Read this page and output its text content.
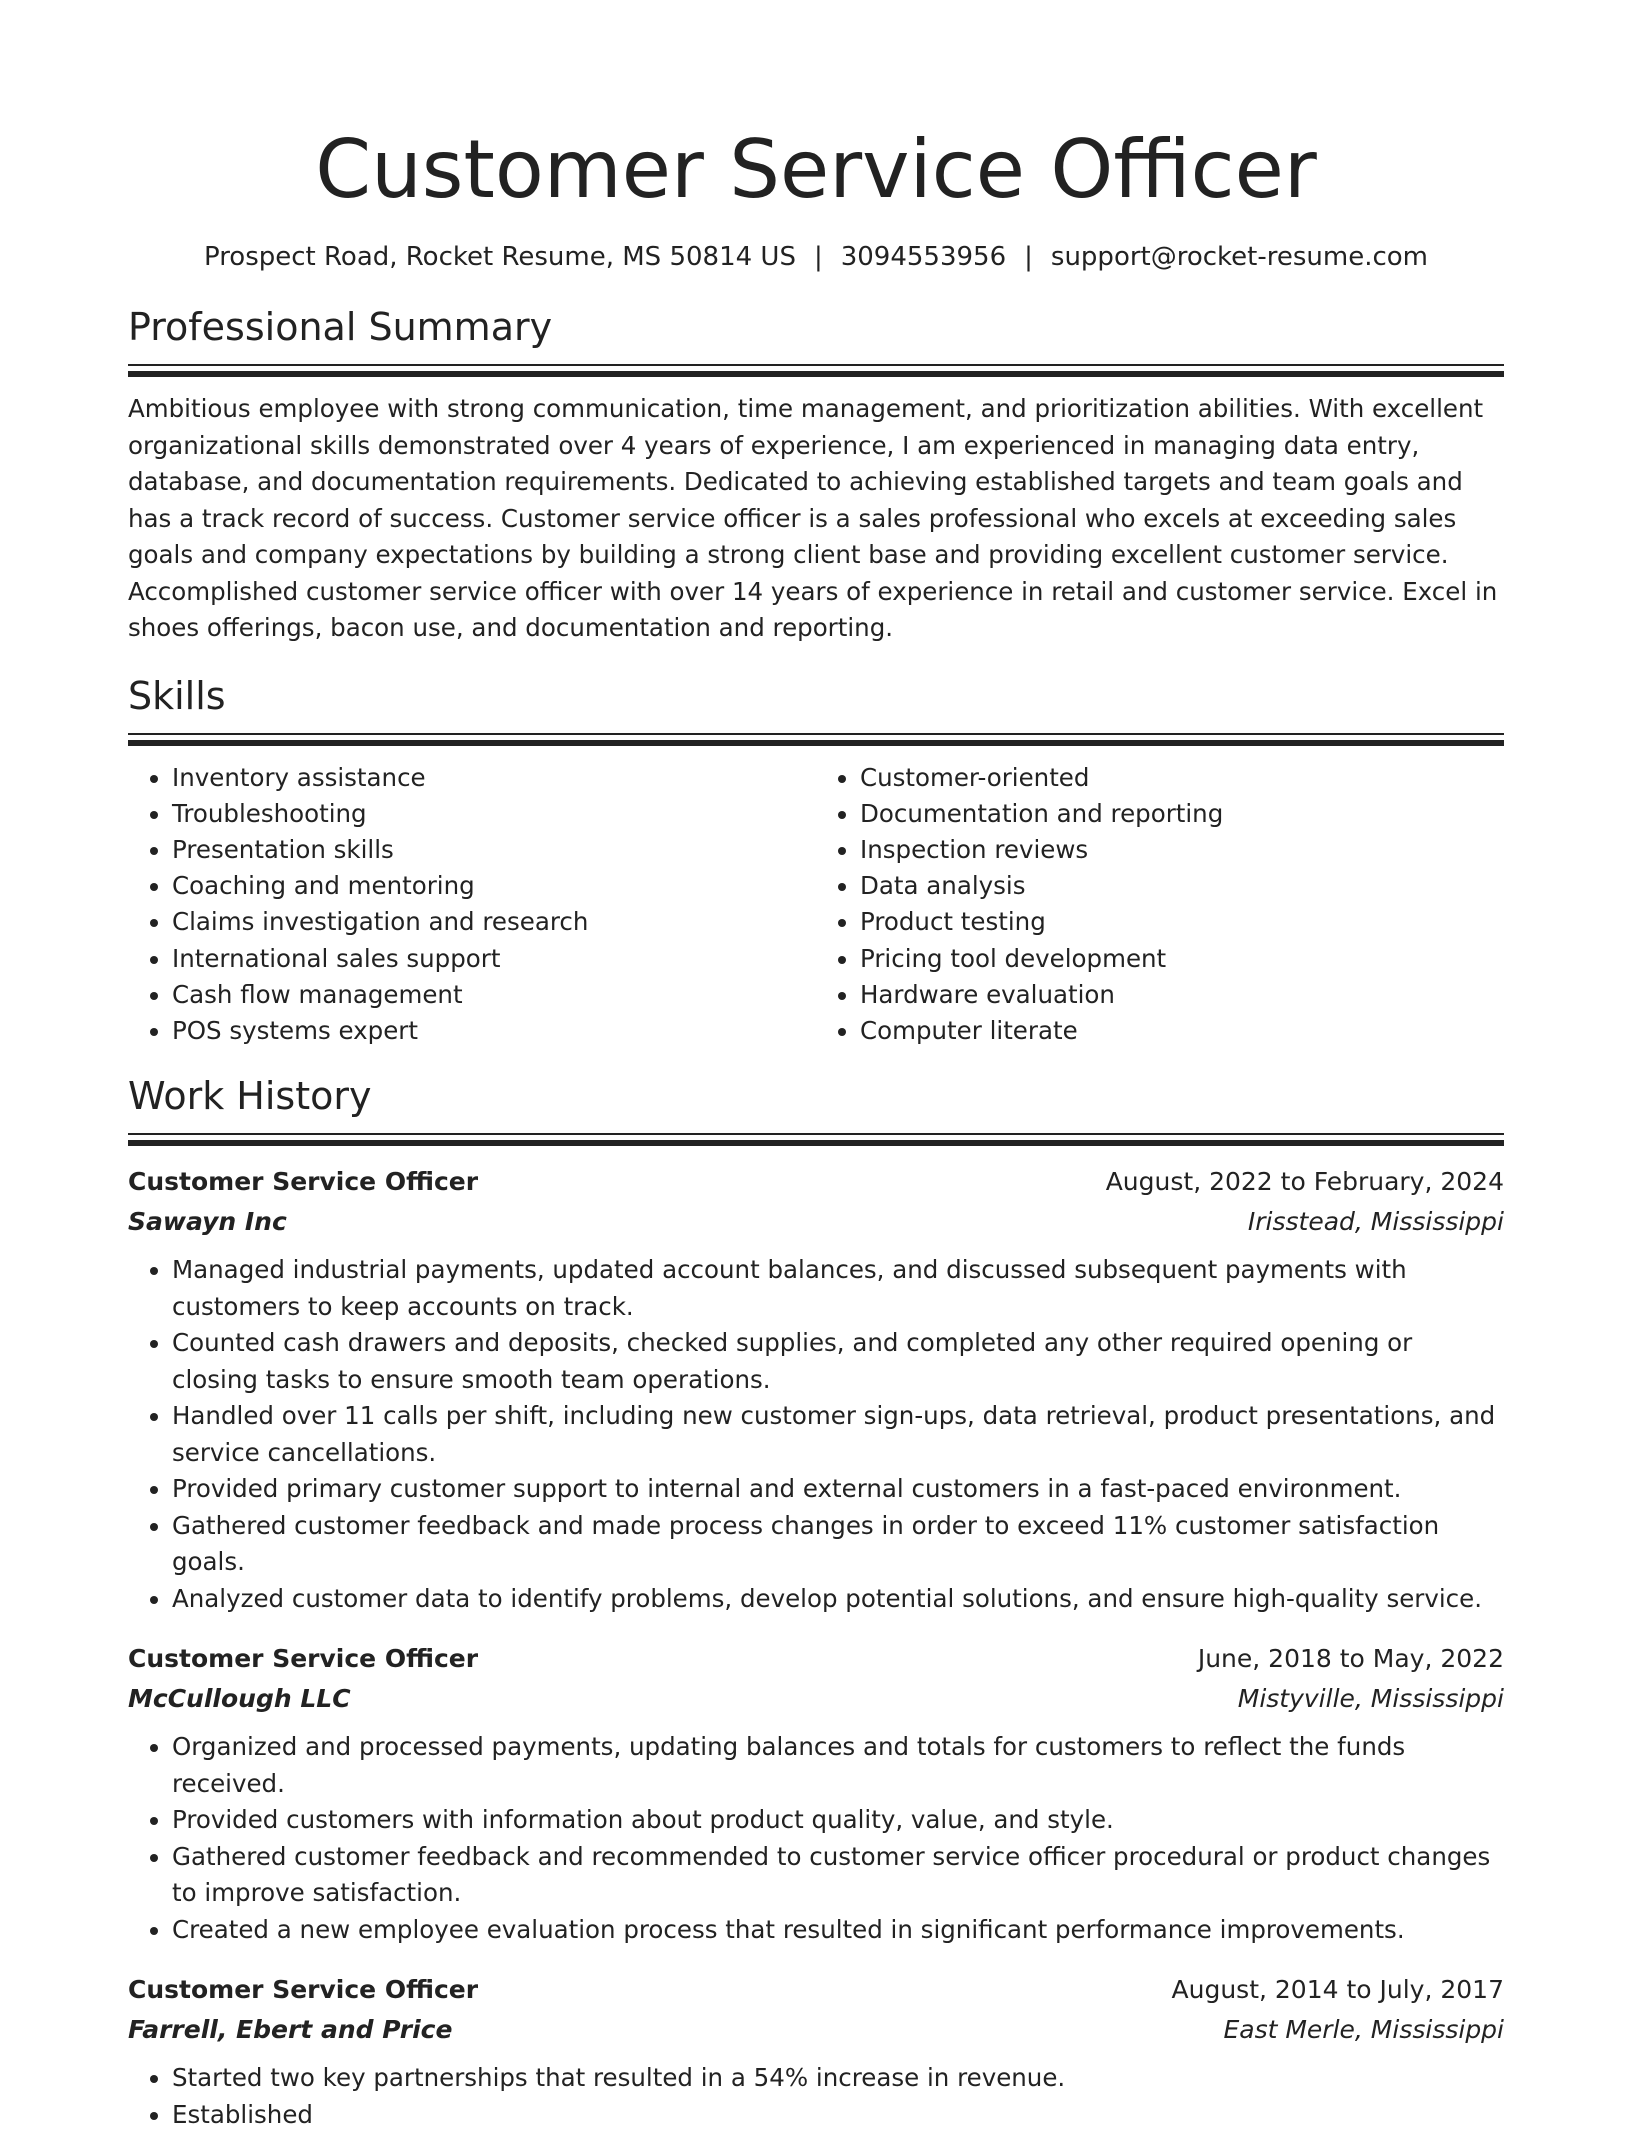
Customer Service Officer
Prospect Road, Rocket Resume, MS 50814 US | 3094553956 | support@rocket-resume.com
Professional Summary

Ambitious employee with strong communication, time management, and prioritization abilities. With excellent organizational skills demonstrated over 4 years of experience, I am experienced in managing data entry, database, and documentation requirements. Dedicated to achieving established targets and team goals and has a track record of success. Customer service officer is a sales professional who excels at exceeding sales goals and company expectations by building a strong client base and providing excellent customer service. Accomplished customer service officer with over 14 years of experience in retail and customer service. Excel in shoes offerings, bacon use, and documentation and reporting.

Skills
• Inventory assistance
• Troubleshooting
• Presentation skills
• Coaching and mentoring
• Claims investigation and research
• International sales support
• Cash flow management
• POS systems expert
• Customer-oriented
• Documentation and reporting
• Inspection reviews
• Data analysis
• Product testing
• Pricing tool development
• Hardware evaluation
• Computer literate
Work History
Customer Service Officer	August, 2022 to February, 2024
Sawayn Inc	Irisstead, Mississippi
• Managed industrial payments, updated account balances, and discussed subsequent payments with customers to keep accounts on track.
• Counted cash drawers and deposits, checked supplies, and completed any other required opening or closing tasks to ensure smooth team operations.
• Handled over 11 calls per shift, including new customer sign-ups, data retrieval, product presentations, and service cancellations.
• Provided primary customer support to internal and external customers in a fast-paced environment.
• Gathered customer feedback and made process changes in order to exceed 11% customer satisfaction goals.
• Analyzed customer data to identify problems, develop potential solutions, and ensure high-quality service.
Customer Service Officer	June, 2018 to May, 2022
McCullough LLC	Mistyville, Mississippi
• Organized and processed payments, updating balances and totals for customers to reflect the funds received.
• Provided customers with information about product quality, value, and style.
• Gathered customer feedback and recommended to customer service officer procedural or product changes to improve satisfaction.
• Created a new employee evaluation process that resulted in significant performance improvements.
Customer Service Officer	August, 2014 to July, 2017
Farrell, Ebert and Price	East Merle, Mississippi
• Started two key partnerships that resulted in a 54% increase in revenue.
• Established
